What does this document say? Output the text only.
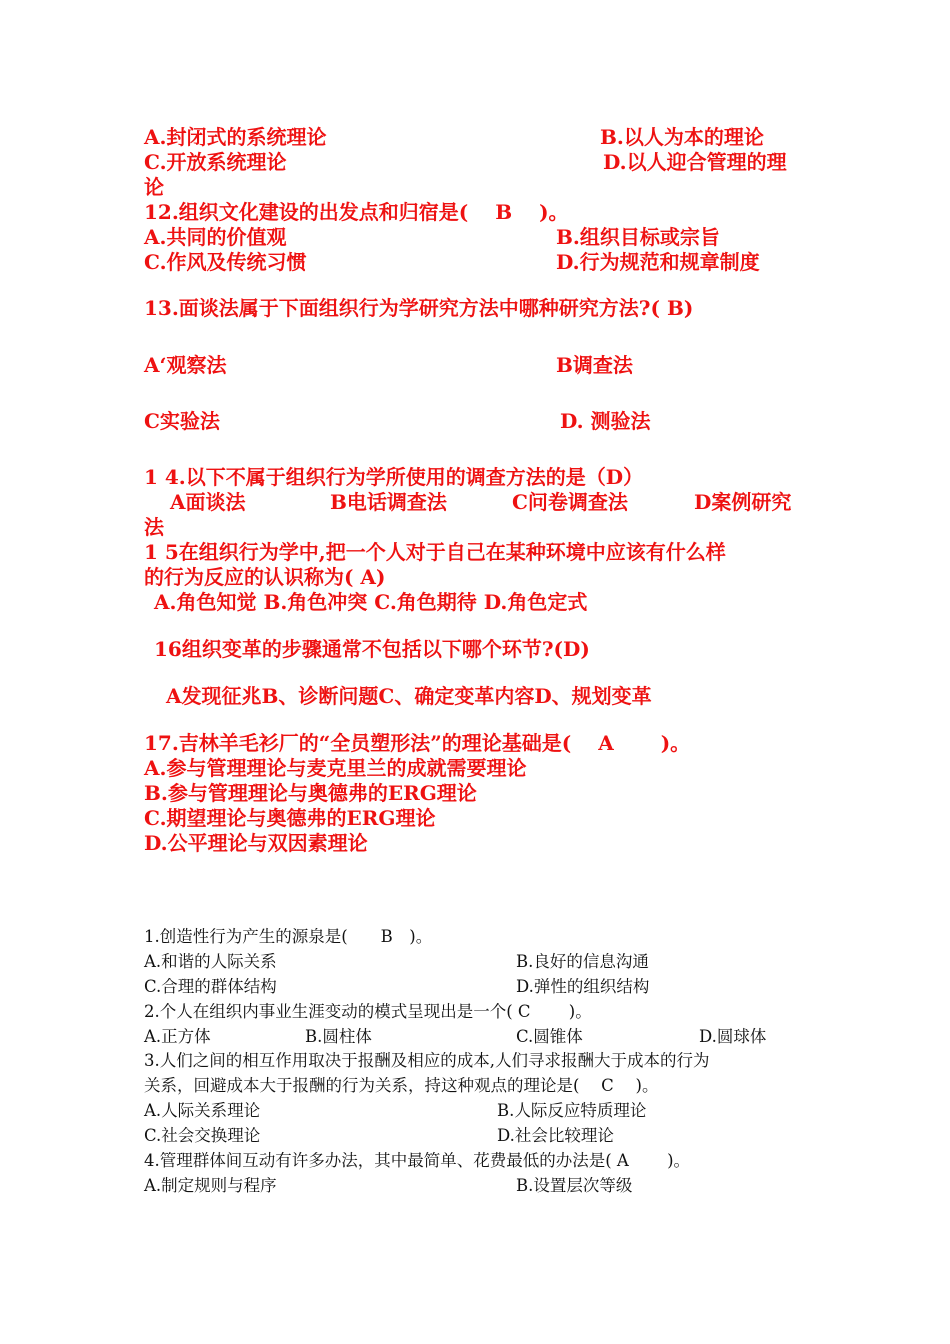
A.封闭式的系统理论	B.以人为本的理论
C.开放系统理论	D.以人迎合管理的理
论
12.组织文化建设的出发点和归宿是(　 B　 )。
A.共同的价值观	B.组织目标或宗旨
C.作风及传统习惯	D.行为规范和规章制度
13.面谈法属于下面组织行为学研究方法中哪种研究方法?( B)
A‘观察法	B调查法
C实验法	D. 测验法
1 4.以下不属于组织行为学所使用的调查方法的是（D）
A面谈法	B电话调查法	C问卷调查法	D案例研究
法
1 5在组织行为学中,把一个人对于自己在某种环境中应该有什么样
的行为反应的认识称为( A)
A.角色知觉 B.角色冲突 C.角色期待 D.角色定式
16组织变革的步骤通常不包括以下哪个环节?(D)
A发现征兆B、诊断问题C、确定变革内容D、规划变革
17.吉林羊毛衫厂的“全员塑形法”的理论基础是(　 A　 　)。
A.参与管理理论与麦克里兰的成就需要理论
B.参与管理理论与奥德弗的ERG理论
C.期望理论与奥德弗的ERG理论
D.公平理论与双因素理论
1.创造性行为产生的源泉是(　　B　)。
A.和谐的人际关系	B.良好的信息沟通
C.合理的群体结构	D.弹性的组织结构
2.个人在组织内事业生涯变动的模式呈现出是一个( C　　 )。
A.正方体	B.圆柱体	C.圆锥体	D.圆球体
3.人们之间的相互作用取决于报酬及相应的成本,人们寻求报酬大于成本的行为
关系，回避成本大于报酬的行为关系，持这种观点的理论是(　 C　 )。
A.人际关系理论	B.人际反应特质理论
C.社会交换理论	D.社会比较理论
4.管理群体间互动有许多办法，其中最简单、花费最低的办法是( A　　 )。
A.制定规则与程序	B.设置层次等级
